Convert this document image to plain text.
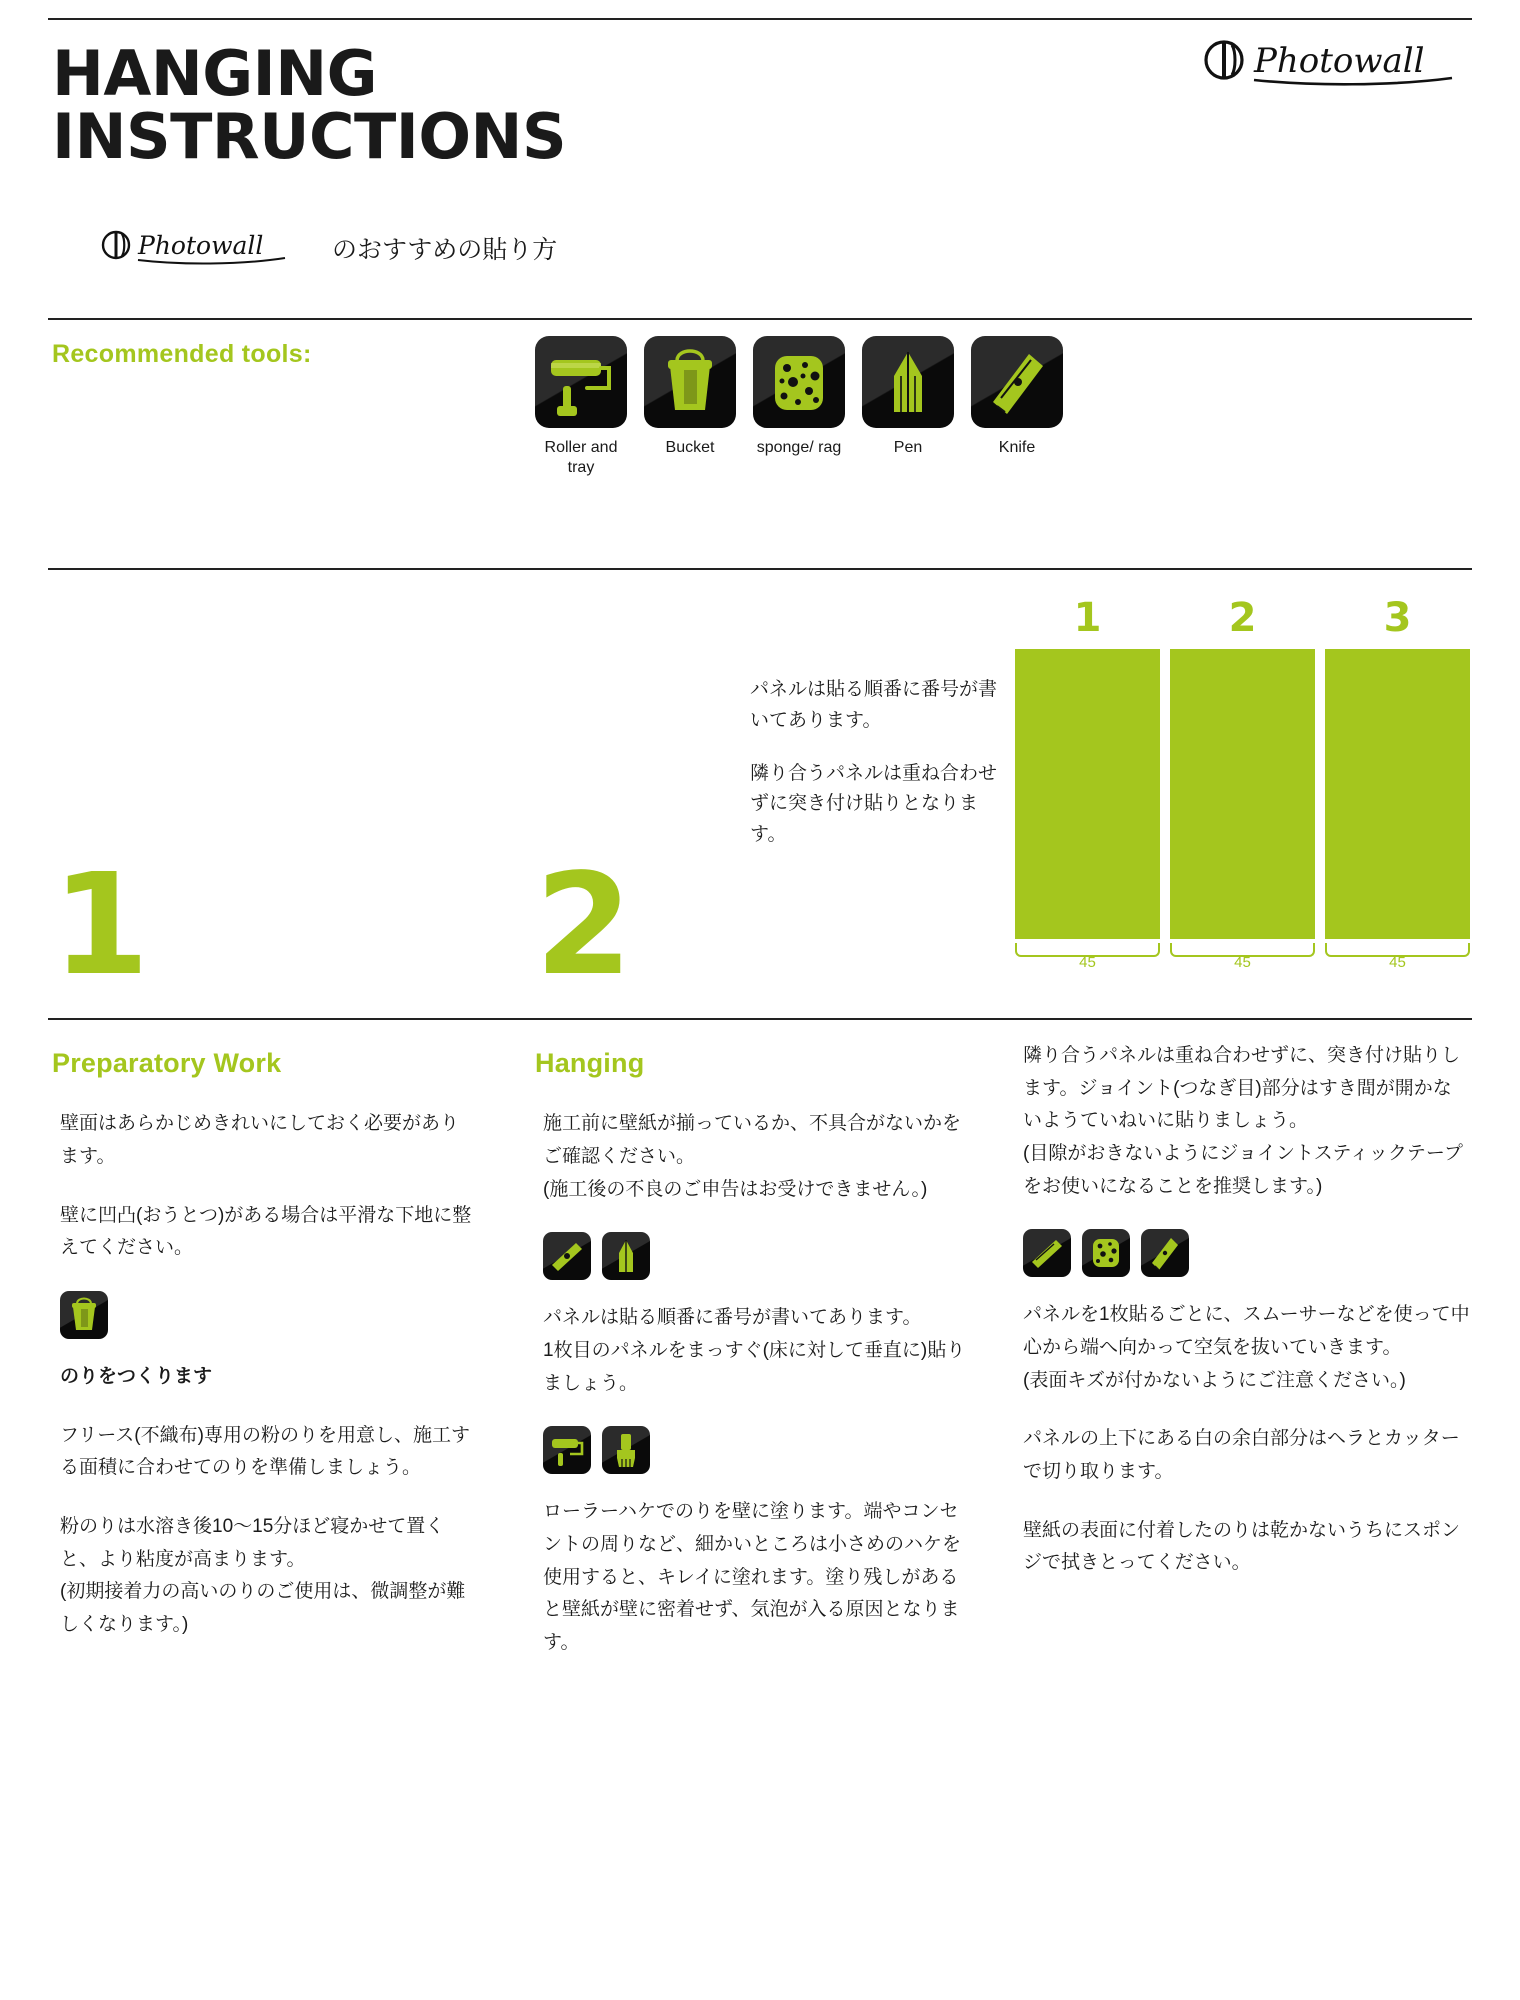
Photowall
HANGING
INSTRUCTIONS
Photowall	のおすすめの貼り方
Recommended tools:
Roller and tray
Bucket	sponge/ rag	Pen	Knife
1	2

パネルは貼る順番に番号が書いてあります。

隣り合うパネルは重ね合わせずに突き付け貼りとなります。

1	2	3
45	45	45
Preparatory Work

壁面はあらかじめきれいにしておく必要があります。

壁に凹凸(おうとつ)がある場合は平滑な下地に整えてください。

のりをつくります

フリース(不織布)専用の粉のりを用意し、施工する面積に合わせてのりを準備しましょう。

粉のりは水溶き後10〜15分ほど寝かせて置くと、より粘度が高まります。

(初期接着力の高いのりのご使用は、微調整が難しくなります。)

Hanging

施工前に壁紙が揃っているか、不具合がないかをご確認ください。

(施工後の不良のご申告はお受けできません。)

パネルは貼る順番に番号が書いてあります。

1枚目のパネルをまっすぐ(床に対して垂直に)貼りましょう。

ローラーハケでのりを壁に塗ります。端やコンセントの周りなど、細かいところは小さめのハケを使用すると、キレイに塗れます。塗り残しがあると壁紙が壁に密着せず、気泡が入る原因となります。

隣り合うパネルは重ね合わせずに、突き付け貼りします。ジョイント(つなぎ目)部分はすき間が開かないようていねいに貼りましょう。

(目隙がおきないようにジョイントスティックテープをお使いになることを推奨します。)

パネルを1枚貼るごとに、スムーサーなどを使って中心から端へ向かって空気を抜いていきます。

(表面キズが付かないようにご注意ください。)

パネルの上下にある白の余白部分はヘラとカッターで切り取ります。

壁紙の表面に付着したのりは乾かないうちにスポンジで拭きとってください。
